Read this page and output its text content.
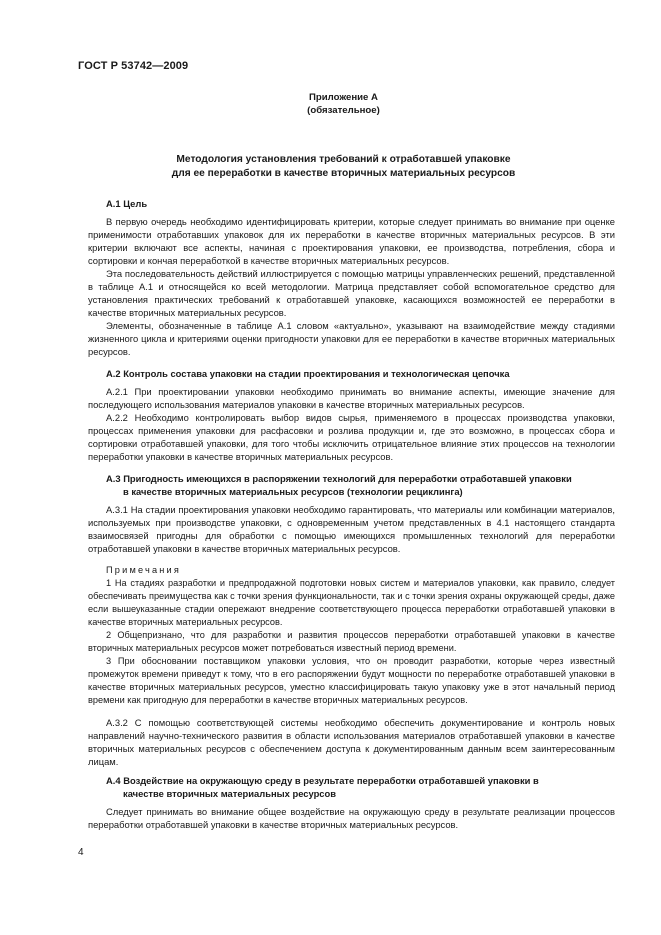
ГОСТ Р 53742—2009
Приложение А
(обязательное)
Методология установления требований к отработавшей упаковке
для ее переработки в качестве вторичных материальных ресурсов
А.1 Цель

В первую очередь необходимо идентифицировать критерии, которые следует принимать во внимание при оценке применимости отработавших упаковок для их переработки в качестве вторичных материальных ресурсов. В эти критерии включают все аспекты, начиная с проектирования упаковки, ее производства, потребления, сбора и сортировки и кончая переработкой в качестве вторичных материальных ресурсов.

Эта последовательность действий иллюстрируется с помощью матрицы управленческих решений, представленной в таблице А.1 и относящейся ко всей методологии. Матрица представляет собой вспомогательное средство для установления практических требований к отработавшей упаковке, касающихся возможностей ее переработки в качестве вторичных материальных ресурсов.

Элементы, обозначенные в таблице А.1 словом «актуально», указывают на взаимодействие между стадиями жизненного цикла и критериями оценки пригодности упаковки для ее переработки в качестве вторичных материальных ресурсов.

А.2 Контроль состава упаковки на стадии проектирования и технологическая цепочка

А.2.1 При проектировании упаковки необходимо принимать во внимание аспекты, имеющие значение для последующего использования материалов упаковки в качестве вторичных материальных ресурсов.

А.2.2 Необходимо контролировать выбор видов сырья, применяемого в процессах производства упаковки, процессах применения упаковки для расфасовки и розлива продукции и, где это возможно, в процессах сбора и сортировки отработавшей упаковки, для того чтобы исключить отрицательное влияние этих процессов на технологии переработки упаковки в качестве вторичных материальных ресурсов.

А.3 Пригодность имеющихся в распоряжении технологий для переработки отработавшей упаковки
в качестве вторичных материальных ресурсов (технологии рециклинга)

А.3.1 На стадии проектирования упаковки необходимо гарантировать, что материалы или комбинации материалов, используемых при производстве упаковки, с одновременным учетом представленных в 4.1 настоящего стандарта взаимосвязей пригодны для обработки с помощью имеющихся промышленных технологий для переработки отработавшей упаковки в качестве вторичных материальных ресурсов.

Примечания

1 На стадиях разработки и предпродажной подготовки новых систем и материалов упаковки, как правило, следует обеспечивать преимущества как с точки зрения функциональности, так и с точки зрения охраны окружающей среды, даже если вышеуказанные стадии опережают внедрение соответствующего процесса переработки отработавшей упаковки в качестве вторичных материальных ресурсов.

2 Общепризнано, что для разработки и развития процессов переработки отработавшей упаковки в качестве вторичных материальных ресурсов может потребоваться известный период времени.

3 При обосновании поставщиком упаковки условия, что он проводит разработки, которые через известный промежуток времени приведут к тому, что в его распоряжении будут мощности по переработке отработавшей упаковки в качестве вторичных материальных ресурсов, уместно классифицировать такую упаковку уже в этот начальный период времени как пригодную для переработки в качестве вторичных материальных ресурсов.

А.3.2 С помощью соответствующей системы необходимо обеспечить документирование и контроль новых направлений научно-технического развития в области использования материалов отработавшей упаковки в качестве вторичных материальных ресурсов с обеспечением доступа к документированным данным всем заинтересованным лицам.

А.4 Воздействие на окружающую среду в результате переработки отработавшей упаковки в
качестве вторичных материальных ресурсов

Следует принимать во внимание общее воздействие на окружающую среду в результате реализации процессов переработки отработавшей упаковки в качестве вторичных материальных ресурсов.

4
